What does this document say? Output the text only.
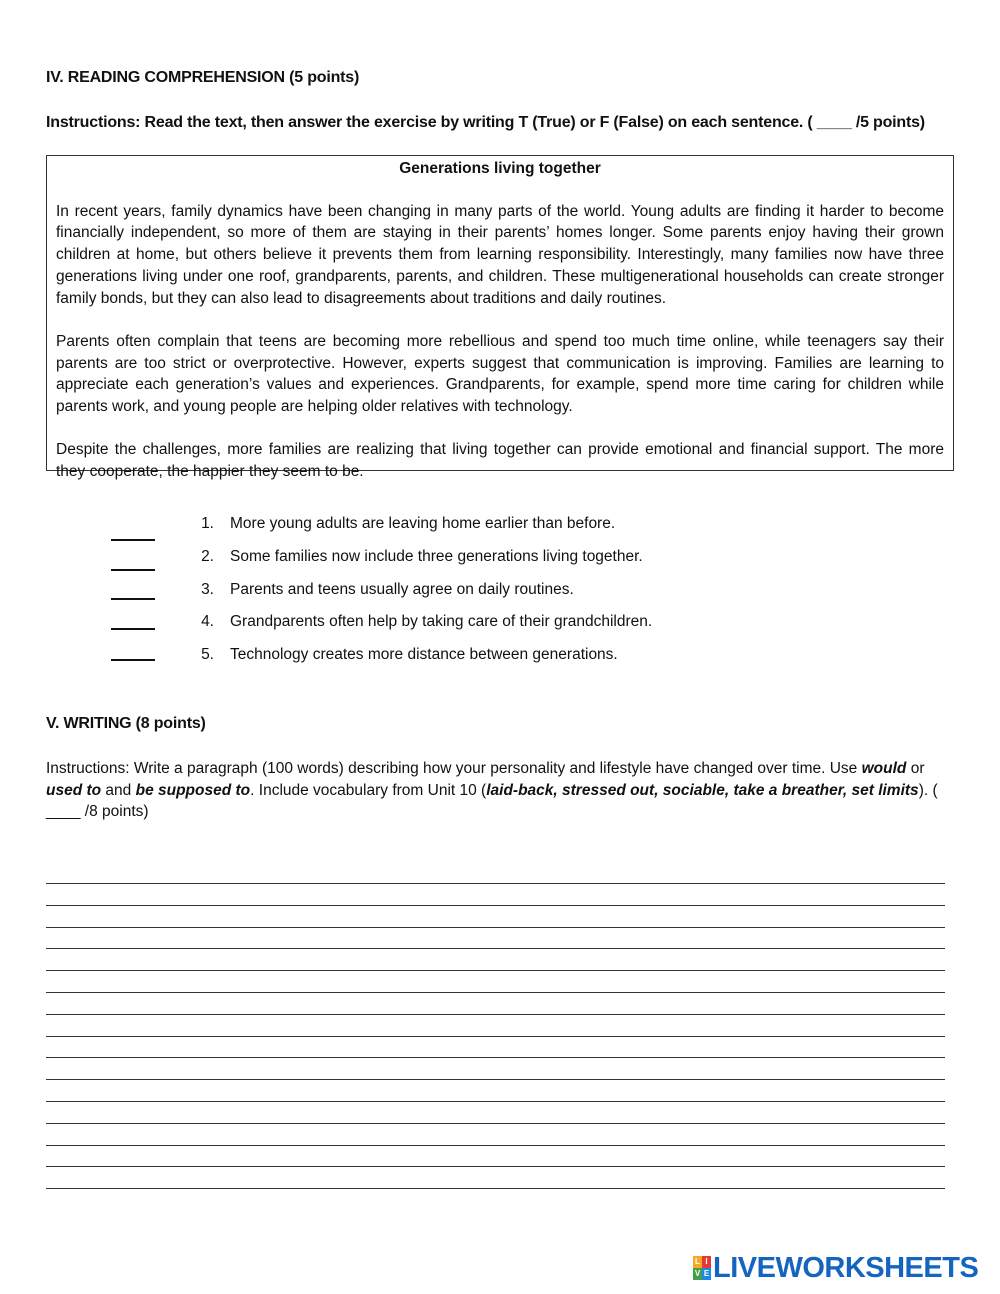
IV. READING COMPREHENSION (5 points)
Instructions: Read the text, then answer the exercise by writing T (True) or F (False) on each sentence. ( ____ /5 points)
Generations living together

In recent years, family dynamics have been changing in many parts of the world. Young adults are finding it harder to become financially independent, so more of them are staying in their parents’ homes longer. Some parents enjoy having their grown children at home, but others believe it prevents them from learning responsibility. Interestingly, many families now have three generations living under one roof, grandparents, parents, and children. These multigenerational households can create stronger family bonds, but they can also lead to disagreements about traditions and daily routines.

Parents often complain that teens are becoming more rebellious and spend too much time online, while teenagers say their parents are too strict or overprotective. However, experts suggest that communication is improving. Families are learning to appreciate each generation’s values and experiences. Grandparents, for example, spend more time caring for children while parents work, and young people are helping older relatives with technology.

Despite the challenges, more families are realizing that living together can provide emotional and financial support. The more they cooperate, the happier they seem to be.

1. More young adults are leaving home earlier than before.
2. Some families now include three generations living together.
3. Parents and teens usually agree on daily routines.
4. Grandparents often help by taking care of their grandchildren.
5. Technology creates more distance between generations.
V. WRITING (8 points)
Instructions: Write a paragraph (100 words) describing how your personality and lifestyle have changed over time. Use would or used to and be supposed to. Include vocabulary from Unit 10 (laid-back, stressed out, sociable, take a breather, set limits). ( ____ /8 points)
L I
V E LIVEWORKSHEETS
